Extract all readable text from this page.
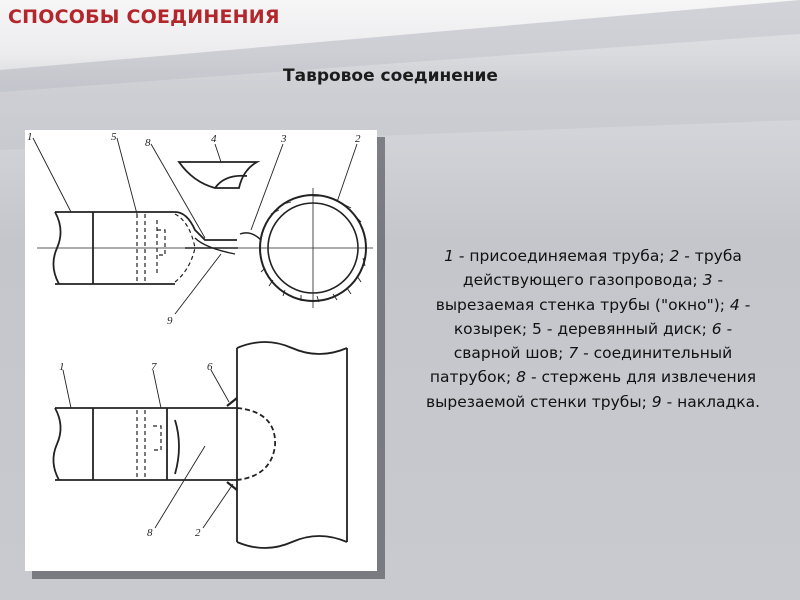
СПОСОБЫ СОЕДИНЕНИЯ
Тавровое соединение
1	5	8	4	3	2
9
1	7	6
8	2
1 - присоединяемая труба; 2 - труба действующего газопровода; 3 - вырезаемая стенка трубы ("окно"); 4 - козырек; 5 - деревянный диск; 6 - сварной шов; 7 - соединительный патрубок; 8 - стержень для извлечения вырезаемой стенки трубы; 9 - накладка.
